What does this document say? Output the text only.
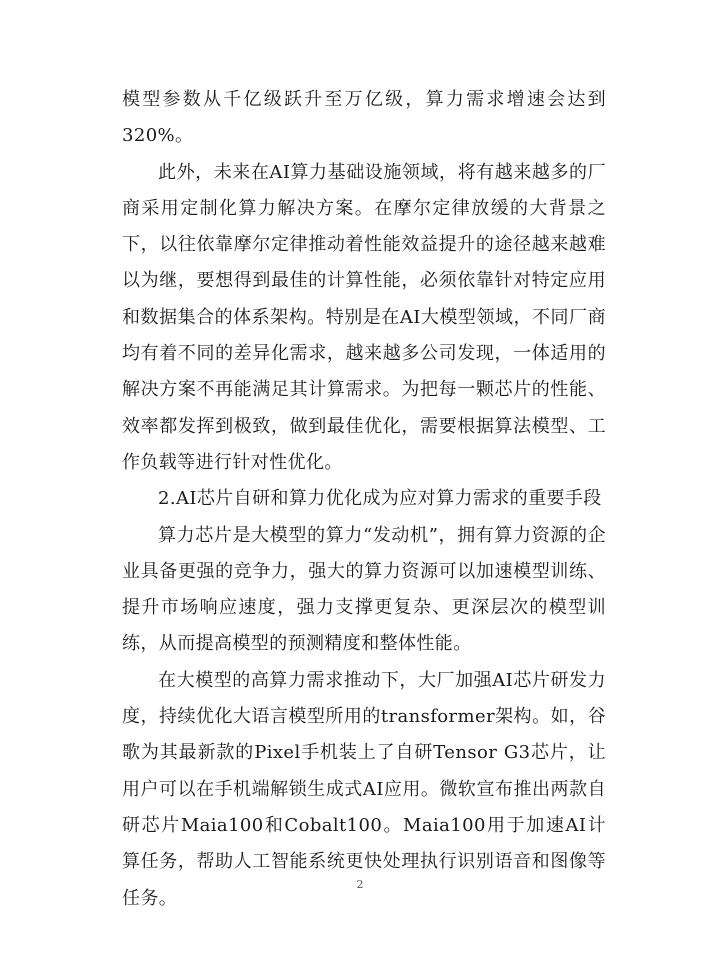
模型参数从千亿级跃升至万亿级，算力需求增速会达到320%。

此外，未来在AI算力基础设施领域，将有越来越多的厂商采用定制化算力解决方案。在摩尔定律放缓的大背景之下，以往依靠摩尔定律推动着性能效益提升的途径越来越难以为继，要想得到最佳的计算性能，必须依靠针对特定应用和数据集合的体系架构。特别是在AI大模型领域，不同厂商均有着不同的差异化需求，越来越多公司发现，一体适用的解决方案不再能满足其计算需求。为把每一颗芯片的性能、效率都发挥到极致，做到最佳优化，需要根据算法模型、工作负载等进行针对性优化。

2.AI芯片自研和算力优化成为应对算力需求的重要手段

算力芯片是大模型的算力“发动机”，拥有算力资源的企业具备更强的竞争力，强大的算力资源可以加速模型训练、提升市场响应速度，强力支撑更复杂、更深层次的模型训练，从而提高模型的预测精度和整体性能。

在大模型的高算力需求推动下，大厂加强AI芯片研发力度，持续优化大语言模型所用的transformer架构。如，谷歌为其最新款的Pixel手机装上了自研Tensor G3芯片，让用户可以在手机端解锁生成式AI应用。微软宣布推出两款自研芯片Maia100和Cobalt100。Maia100用于加速AI计算任务，帮助人工智能系统更快处理执行识别语音和图像等任务。

2
